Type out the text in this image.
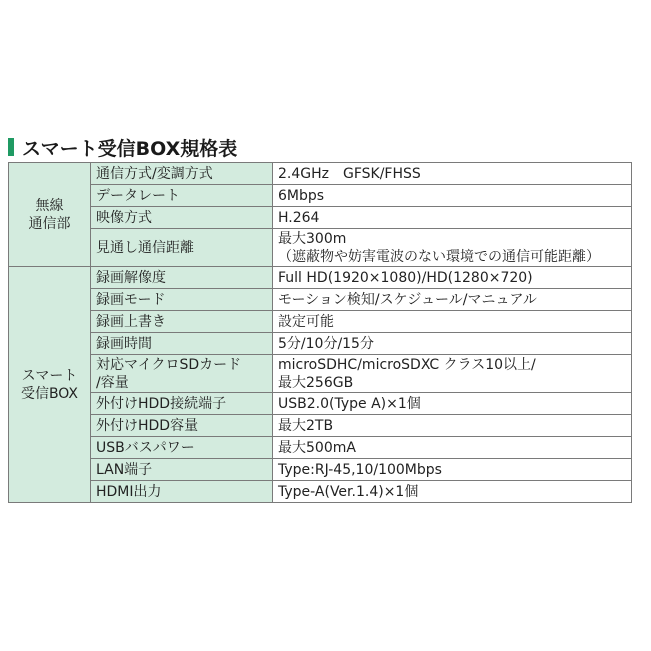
スマート受信BOX規格表
無線
通信部	通信方式/変調方式	2.4GHz　GFSK/FHSS

	データレート	6Mbps

	映像方式	H.264

	見通し通信距離	最大300m
（遮蔽物や妨害電波のない環境での通信可能距離）

スマート
受信BOX	録画解像度	Full HD(1920×1080)/HD(1280×720)

	録画モード	モーション検知/スケジュール/マニュアル

	録画上書き	設定可能

	録画時間	5分/10分/15分

	対応マイクロSDカード
/容量	microSDHC/microSDXC クラス10以上/
最大256GB

	外付けHDD接続端子	USB2.0(Type A)×1個

	外付けHDD容量	最大2TB

	USBバスパワー	最大500mA

	LAN端子	Type:RJ-45,10/100Mbps

	HDMI出力	Type-A(Ver.1.4)×1個
